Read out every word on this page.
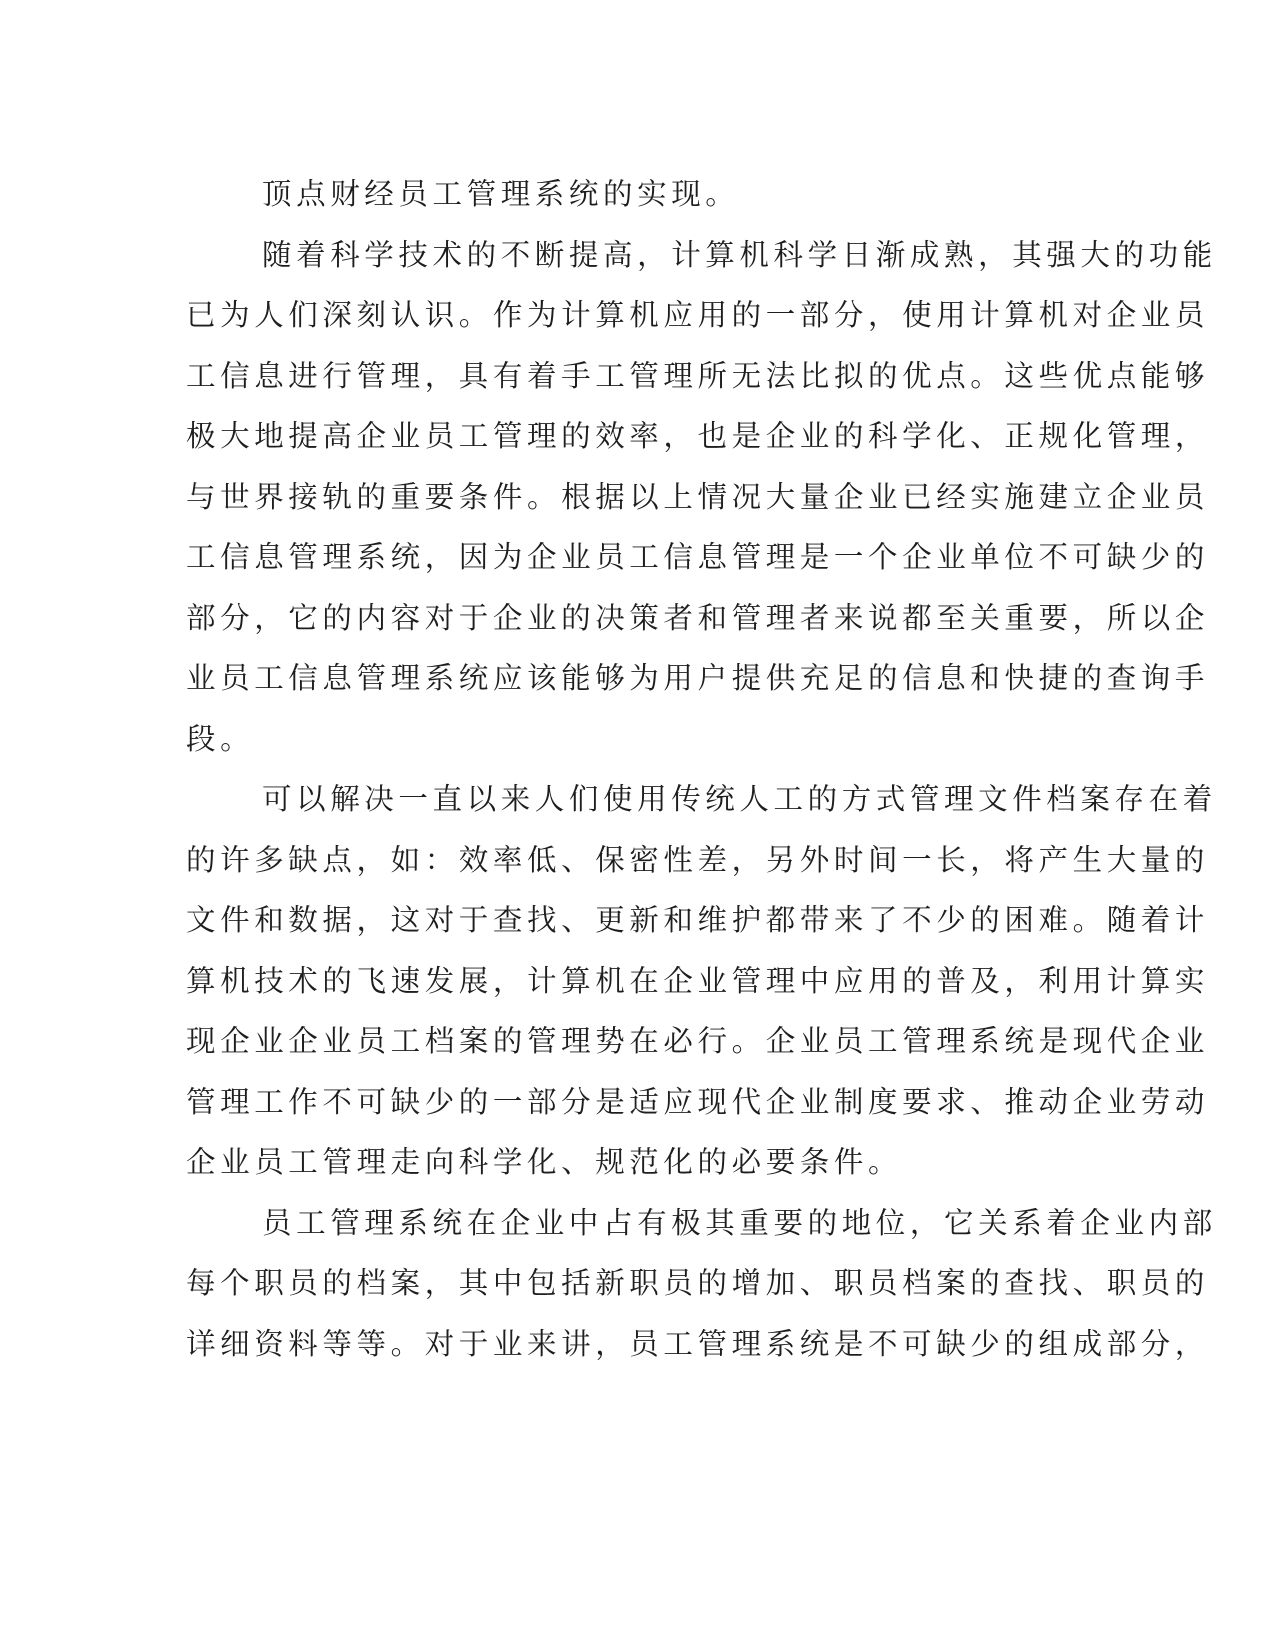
顶点财经员工管理系统的实现。
随着科学技术的不断提高，计算机科学日渐成熟，其强大的功能
已为人们深刻认识。作为计算机应用的一部分，使用计算机对企业员
工信息进行管理，具有着手工管理所无法比拟的优点。这些优点能够
极大地提高企业员工管理的效率，也是企业的科学化、正规化管理，
与世界接轨的重要条件。根据以上情况大量企业已经实施建立企业员
工信息管理系统，因为企业员工信息管理是一个企业单位不可缺少的
部分，它的内容对于企业的决策者和管理者来说都至关重要，所以企
业员工信息管理系统应该能够为用户提供充足的信息和快捷的查询手
段。
可以解决一直以来人们使用传统人工的方式管理文件档案存在着
的许多缺点，如：效率低、保密性差，另外时间一长，将产生大量的
文件和数据，这对于查找、更新和维护都带来了不少的困难。随着计
算机技术的飞速发展，计算机在企业管理中应用的普及，利用计算实
现企业企业员工档案的管理势在必行。企业员工管理系统是现代企业
管理工作不可缺少的一部分是适应现代企业制度要求、推动企业劳动
企业员工管理走向科学化、规范化的必要条件。
员工管理系统在企业中占有极其重要的地位，它关系着企业内部
每个职员的档案，其中包括新职员的增加、职员档案的查找、职员的
详细资料等等。对于业来讲，员工管理系统是不可缺少的组成部分，
